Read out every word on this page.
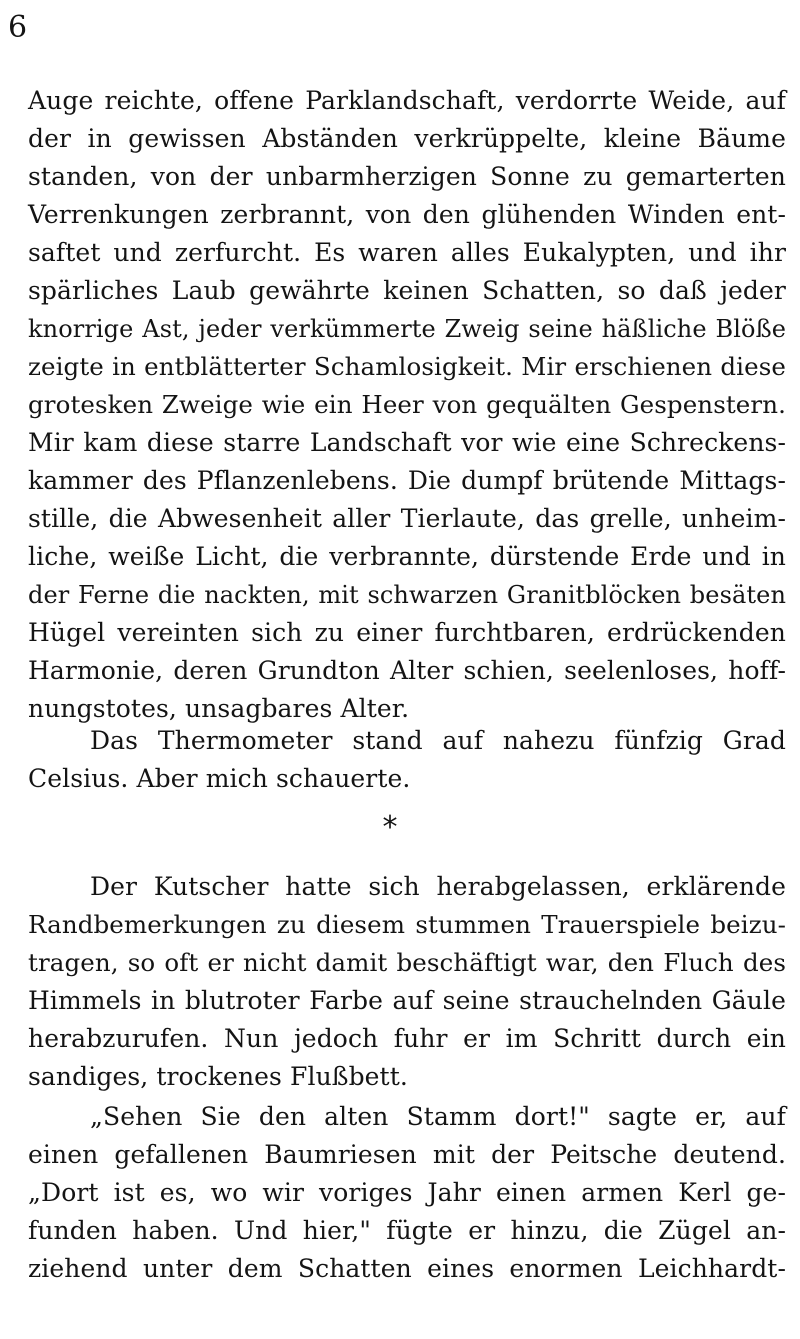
6
Auge reichte, offene Parklandschaft, verdorrte Weide, auf
der in gewissen Abständen verkrüppelte, kleine Bäume
standen, von der unbarmherzigen Sonne zu gemarterten
Verrenkungen zerbrannt, von den glühenden Winden ent-
saftet und zerfurcht. Es waren alles Eukalypten, und ihr
spärliches Laub gewährte keinen Schatten, so daß jeder
knorrige Ast, jeder verkümmerte Zweig seine häßliche Blöße
zeigte in entblätterter Schamlosigkeit. Mir erschienen diese
grotesken Zweige wie ein Heer von gequälten Gespenstern.
Mir kam diese starre Landschaft vor wie eine Schreckens-
kammer des Pflanzenlebens. Die dumpf brütende Mittags-
stille, die Abwesenheit aller Tierlaute, das grelle, unheim-
liche, weiße Licht, die verbrannte, dürstende Erde und in
der Ferne die nackten, mit schwarzen Granitblöcken besäten
Hügel vereinten sich zu einer furchtbaren, erdrückenden
Harmonie, deren Grundton Alter schien, seelenloses, hoff-
nungstotes, unsagbares Alter.
Das Thermometer stand auf nahezu fünfzig Grad
Celsius. Aber mich schauerte.
*
Der Kutscher hatte sich herabgelassen, erklärende
Randbemerkungen zu diesem stummen Trauerspiele beizu-
tragen, so oft er nicht damit beschäftigt war, den Fluch des
Himmels in blutroter Farbe auf seine strauchelnden Gäule
herabzurufen. Nun jedoch fuhr er im Schritt durch ein
sandiges, trockenes Flußbett.
„Sehen Sie den alten Stamm dort!" sagte er, auf
einen gefallenen Baumriesen mit der Peitsche deutend.
„Dort ist es, wo wir voriges Jahr einen armen Kerl ge-
funden haben. Und hier," fügte er hinzu, die Zügel an-
ziehend unter dem Schatten eines enormen Leichhardt-
